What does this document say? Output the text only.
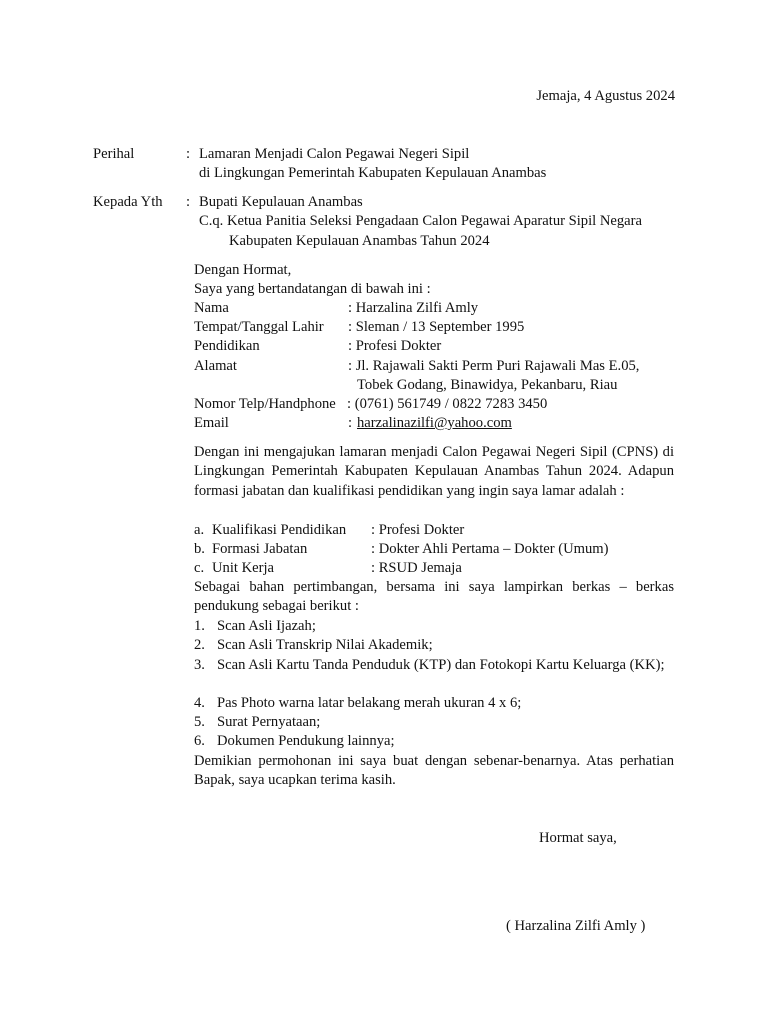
Jemaja, 4 Agustus 2024
Perihal	: Lamaran Menjadi Calon Pegawai Negeri Sipil
di Lingkungan Pemerintah Kabupaten Kepulauan Anambas
Kepada Yth : Bupati Kepulauan Anambas
C.q. Ketua Panitia Seleksi Pengadaan Calon Pegawai Aparatur Sipil Negara
Kabupaten Kepulauan Anambas Tahun 2024
Dengan Hormat,
Saya yang bertandatangan di bawah ini :
Nama	: Harzalina Zilfi Amly
Tempat/Tanggal Lahir : Sleman / 13 September 1995
Pendidikan	: Profesi Dokter
Alamat	: Jl. Rajawali Sakti Perm Puri Rajawali Mas E.05,
Tobek Godang, Binawidya, Pekanbaru, Riau
Nomor Telp/Handphone : (0761) 561749 / 0822 7283 3450
Email	: harzalinazilfi@yahoo.com
Dengan ini mengajukan lamaran menjadi Calon Pegawai Negeri Sipil (CPNS) di Lingkungan Pemerintah Kabupaten Kepulauan Anambas Tahun 2024. Adapun formasi jabatan dan kualifikasi pendidikan yang ingin saya lamar adalah :
a. Kualifikasi Pendidikan : Profesi Dokter
b. Formasi Jabatan	: Dokter Ahli Pertama – Dokter (Umum)
c. Unit Kerja	: RSUD Jemaja
Sebagai bahan pertimbangan, bersama ini saya lampirkan berkas – berkas pendukung sebagai berikut :
1. Scan Asli Ijazah;
2. Scan Asli Transkrip Nilai Akademik;
3. Scan Asli Kartu Tanda Penduduk (KTP) dan Fotokopi Kartu Keluarga (KK);
4. Pas Photo warna latar belakang merah ukuran 4 x 6;
5. Surat Pernyataan;
6. Dokumen Pendukung lainnya;
Demikian permohonan ini saya buat dengan sebenar-benarnya. Atas perhatian Bapak, saya ucapkan terima kasih.
Hormat saya,
( Harzalina Zilfi Amly )
